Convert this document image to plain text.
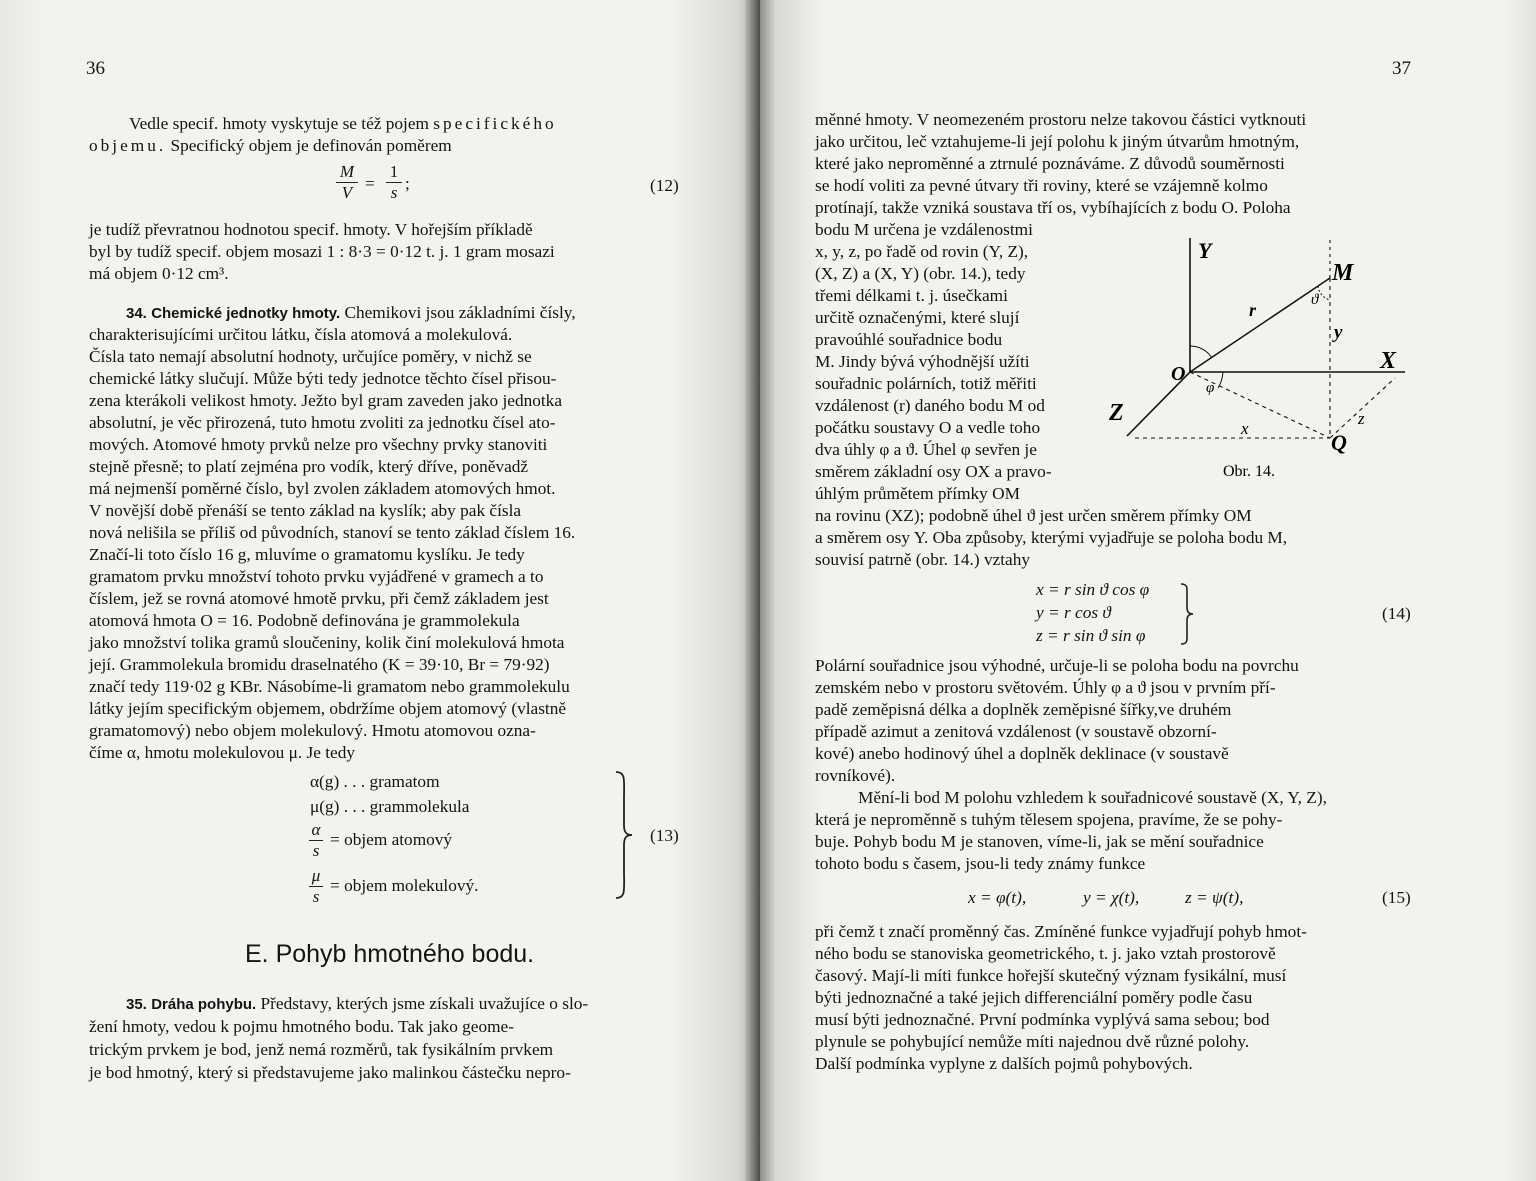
36
Vedle specif. hmoty vyskytuje se též pojem specifického
objemu. Specifický objem je definován poměrem
$\frac{M}{V} = \frac{1}{s}$ ;	(12)
je tudíž převratnou hodnotou specif. hmoty. V hořejším příkladě
byl by tudíž specif. objem mosazi 1 : 8·3 = 0·12 t. j. 1 gram mosazi
má objem 0·12 cm³.
34. Chemické jednotky hmoty. Chemikovi jsou základními čísly,
charakterisujícími určitou látku, čísla atomová a molekulová.
Čísla tato nemají absolutní hodnoty, určujíce poměry, v nichž se
chemické látky slučují. Může býti tedy jednotce těchto čísel přisou-
zena kterákoli velikost hmoty. Ježto byl gram zaveden jako jednotka
absolutní, je věc přirozená, tuto hmotu zvoliti za jednotku čísel ato-
mových. Atomové hmoty prvků nelze pro všechny prvky stanoviti
stejně přesně; to platí zejména pro vodík, který dříve, poněvadž
má nejmenší poměrné číslo, byl zvolen základem atomových hmot.
V novější době přenáší se tento základ na kyslík; aby pak čísla
nová nelišila se příliš od původních, stanoví se tento základ číslem 16.
Značí-li toto číslo 16 g, mluvíme o gramatomu kyslíku. Je tedy
gramatom prvku množství tohoto prvku vyjádřené v gramech a to
číslem, jež se rovná atomové hmotě prvku, při čemž základem jest
atomová hmota O = 16. Podobně definována je grammolekula
jako množství tolika gramů sloučeniny, kolik činí molekulová hmota
její. Grammolekula bromidu draselnatého (K = 39·10, Br = 79·92)
značí tedy 119·02 g KBr. Násobíme-li gramatom nebo grammolekulu
látky jejím specifickým objemem, obdržíme objem atomový (vlastně
gramatomový) nebo objem molekulový. Hmotu atomovou ozna-
číme α, hmotu molekulovou μ. Je tedy
α(g) . . . gramatom
μ(g) . . . grammolekula
$\frac{\alpha}{s}$ = objem atomový
$\frac{\mu}{s}$ = objem molekulový.
(13)
E. Pohyb hmotného bodu.
35. Dráha pohybu. Představy, kterých jsme získali uvažujíce o slo-
žení hmoty, vedou k pojmu hmotného bodu. Tak jako geome-
trickým prvkem je bod, jenž nemá rozměrů, tak fysikálním prvkem
je bod hmotný, který si představujeme jako malinkou částečku nepro-
37
měnné hmoty. V neomezeném prostoru nelze takovou částici vytknouti
jako určitou, leč vztahujeme-li její polohu k jiným útvarům hmotným,
které jako neproměnné a ztrnulé poznáváme. Z důvodů souměrnosti
se hodí voliti za pevné útvary tři roviny, které se vzájemně kolmo
protínají, takže vzniká soustava tří os, vybíhajících z bodu O. Poloha
bodu M určena je vzdálenostmi
x, y, z, po řadě od rovin (Y, Z),
(X, Z) a (X, Y) (obr. 14.), tedy
třemi délkami t. j. úsečkami
určitě označenými, které slují
pravoúhlé souřadnice bodu
M. Jindy bývá výhodnější užíti
souřadnic polárních, totiž měřiti
vzdálenost (r) daného bodu M od
počátku soustavy O a vedle toho
dva úhly φ a ϑ. Úhel φ sevřen je
směrem základní osy OX a pravo-
úhlým průmětem přímky OM
Y
M
X
Z
O
Q
r
y
x
z
ϑ
φ
Obr. 14.
na rovinu (XZ); podobně úhel ϑ jest určen směrem přímky OM
a směrem osy Y. Oba způsoby, kterými vyjadřuje se poloha bodu M,
souvisí patrně (obr. 14.) vztahy
x = r sin ϑ cos φ
y = r cos ϑ
z = r sin ϑ sin φ
(14)
Polární souřadnice jsou výhodné, určuje-li se poloha bodu na povrchu
zemském nebo v prostoru světovém. Úhly φ a ϑ jsou v prvním pří-
padě zeměpisná délka a doplněk zeměpisné šířky,ve druhém
případě azimut a zenitová vzdálenost (v soustavě obzorní-
kové) anebo hodinový úhel a doplněk deklinace (v soustavě
rovníkové).
Mění-li bod M polohu vzhledem k souřadnicové soustavě (X, Y, Z),
která je neproměnně s tuhým tělesem spojena, pravíme, že se pohy-
buje. Pohyb bodu M je stanoven, víme-li, jak se mění souřadnice
tohoto bodu s časem, jsou-li tedy známy funkce
x = φ(t),	y = χ(t),	z = ψ(t),	(15)
při čemž t značí proměnný čas. Zmíněné funkce vyjadřují pohyb hmot-
ného bodu se stanoviska geometrického, t. j. jako vztah prostorově
časový. Mají-li míti funkce hořejší skutečný význam fysikální, musí
býti jednoznačné a také jejich differenciální poměry podle času
musí býti jednoznačné. První podmínka vyplývá sama sebou; bod
plynule se pohybující nemůže míti najednou dvě různé polohy.
Další podmínka vyplyne z dalších pojmů pohybových.
